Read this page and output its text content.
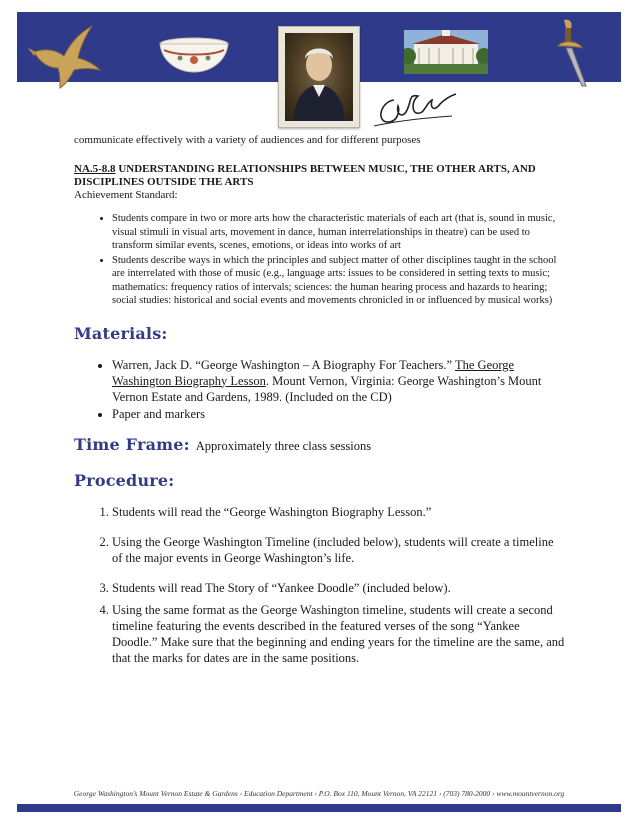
communicate effectively with a variety of audiences and for different purposes

NA.5-8.8 UNDERSTANDING RELATIONSHIPS BETWEEN MUSIC, THE OTHER ARTS, AND DISCIPLINES OUTSIDE THE ARTS

Achievement Standard:

• Students compare in two or more arts how the characteristic materials of each art (that is, sound in music, visual stimuli in visual arts, movement in dance, human interrelationships in theatre) can be used to transform similar events, scenes, emotions, or ideas into works of art
• Students describe ways in which the principles and subject matter of other disciplines taught in the school are interrelated with those of music (e.g., language arts: issues to be considered in setting texts to music; mathematics: frequency ratios of intervals; sciences: the human hearing process and hazards to hearing; social studies: historical and social events and movements chronicled in or influenced by musical works)
Materials:
• Warren, Jack D. “George Washington – A Biography For Teachers.” The George Washington Biography Lesson. Mount Vernon, Virginia: George Washington’s Mount Vernon Estate and Gardens, 1989. (Included on the CD)
• Paper and markers
Time Frame: Approximately three class sessions
Procedure:
1. Students will read the “George Washington Biography Lesson.”
2. Using the George Washington Timeline (included below), students will create a timeline of the major events in George Washington’s life.
3. Students will read The Story of “Yankee Doodle” (included below).
4. Using the same format as the George Washington timeline, students will create a second timeline featuring the events described in the featured verses of the song “Yankee Doodle.” Make sure that the beginning and ending years for the timeline are the same, and that the marks for dates are in the same positions.
George Washington’s Mount Vernon Estate & Gardens › Education Department › P.O. Box 110, Mount Vernon, VA 22121 › (703) 780-2000 › www.mountvernon.org
